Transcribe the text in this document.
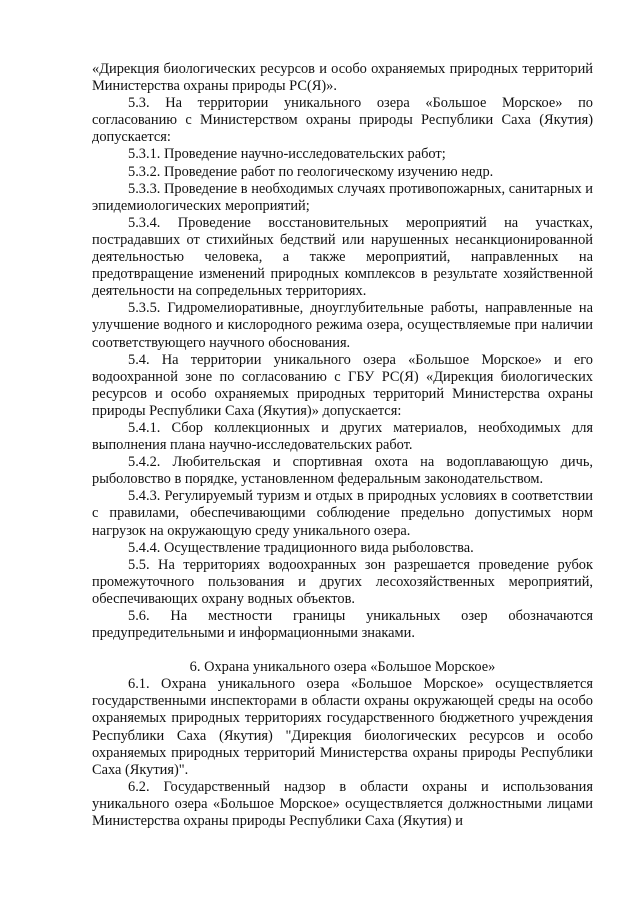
«Дирекция биологических ресурсов и особо охраняемых природных территорий Министерства охраны природы РС(Я)».

5.3. На территории уникального озера «Большое Морское» по согласованию с Министерством охраны природы Республики Саха (Якутия) допускается:

5.3.1. Проведение научно-исследовательских работ;

5.3.2. Проведение работ по геологическому изучению недр.

5.3.3. Проведение в необходимых случаях противопожарных, санитарных и эпидемиологических мероприятий;

5.3.4. Проведение восстановительных мероприятий на участках, пострадавших от стихийных бедствий или нарушенных несанкционированной деятельностью человека, а также мероприятий, направленных на предотвращение изменений природных комплексов в результате хозяйственной деятельности на сопредельных территориях.

5.3.5. Гидромелиоративные, дноуглубительные работы, направленные на улучшение водного и кислородного режима озера, осуществляемые при наличии соответствующего научного обоснования.

5.4. На территории уникального озера «Большое Морское» и его водоохранной зоне по согласованию с ГБУ РС(Я) «Дирекция биологических ресурсов и особо охраняемых природных территорий Министерства охраны природы Республики Саха (Якутия)» допускается:

5.4.1. Сбор коллекционных и других материалов, необходимых для выполнения плана научно-исследовательских работ.

5.4.2. Любительская и спортивная охота на водоплавающую дичь, рыболовство в порядке, установленном федеральным законодательством.

5.4.3. Регулируемый туризм и отдых в природных условиях в соответствии с правилами, обеспечивающими соблюдение предельно допустимых норм нагрузок на окружающую среду уникального озера.

5.4.4. Осуществление традиционного вида рыболовства.

5.5. На территориях водоохранных зон разрешается проведение рубок промежуточного пользования и других лесохозяйственных мероприятий, обеспечивающих охрану водных объектов.

5.6. На местности границы уникальных озер обозначаются предупредительными и информационными знаками.

6. Охрана уникального озера «Большое Морское»

6.1. Охрана уникального озера «Большое Морское» осуществляется государственными инспекторами в области охраны окружающей среды на особо охраняемых природных территориях государственного бюджетного учреждения Республики Саха (Якутия) "Дирекция биологических ресурсов и особо охраняемых природных территорий Министерства охраны природы Республики Саха (Якутия)".

6.2. Государственный надзор в области охраны и использования уникального озера «Большое Морское» осуществляется должностными лицами Министерства охраны природы Республики Саха (Якутия) и
